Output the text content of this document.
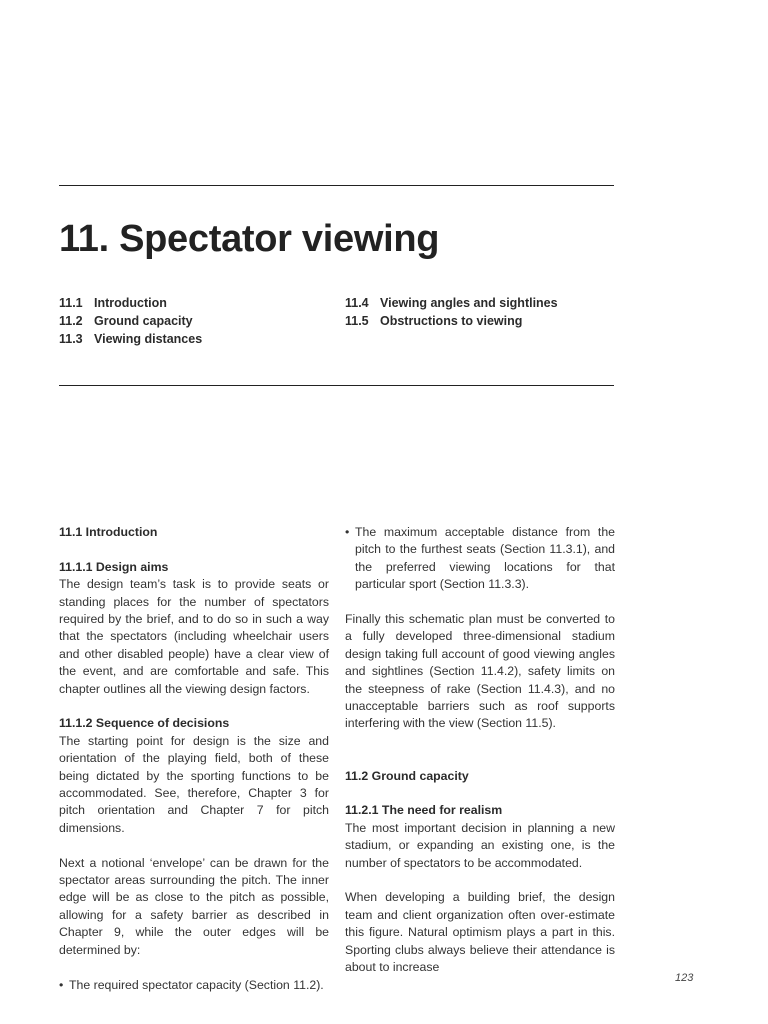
11. Spectator viewing
11.1 Introduction
11.2 Ground capacity
11.3 Viewing distances
11.4 Viewing angles and sightlines
11.5 Obstructions to viewing
11.1 Introduction
11.1.1 Design aims

The design team’s task is to provide seats or standing places for the number of spectators required by the brief, and to do so in such a way that the spectators (including wheelchair users and other disabled people) have a clear view of the event, and are comfortable and safe. This chapter outlines all the viewing design factors.

11.1.2 Sequence of decisions

The starting point for design is the size and orientation of the playing field, both of these being dictated by the sporting functions to be accommodated. See, therefore, Chapter 3 for pitch orientation and Chapter 7 for pitch dimensions.

Next a notional ‘envelope’ can be drawn for the spectator areas surrounding the pitch. The inner edge will be as close to the pitch as possible, allowing for a safety barrier as described in Chapter 9, while the outer edges will be determined by:

• The required spectator capacity (Section 11.2).
• The maximum acceptable distance from the pitch to the furthest seats (Section 11.3.1), and the preferred viewing locations for that particular sport (Section 11.3.3).

Finally this schematic plan must be converted to a fully developed three-dimensional stadium design taking full account of good viewing angles and sightlines (Section 11.4.2), safety limits on the steepness of rake (Section 11.4.3), and no unacceptable barriers such as roof supports interfering with the view (Section 11.5).

11.2 Ground capacity
11.2.1 The need for realism

The most important decision in planning a new stadium, or expanding an existing one, is the number of spectators to be accommodated.

When developing a building brief, the design team and client organization often over-estimate this figure. Natural optimism plays a part in this. Sporting clubs always believe their attendance is about to increase

123
